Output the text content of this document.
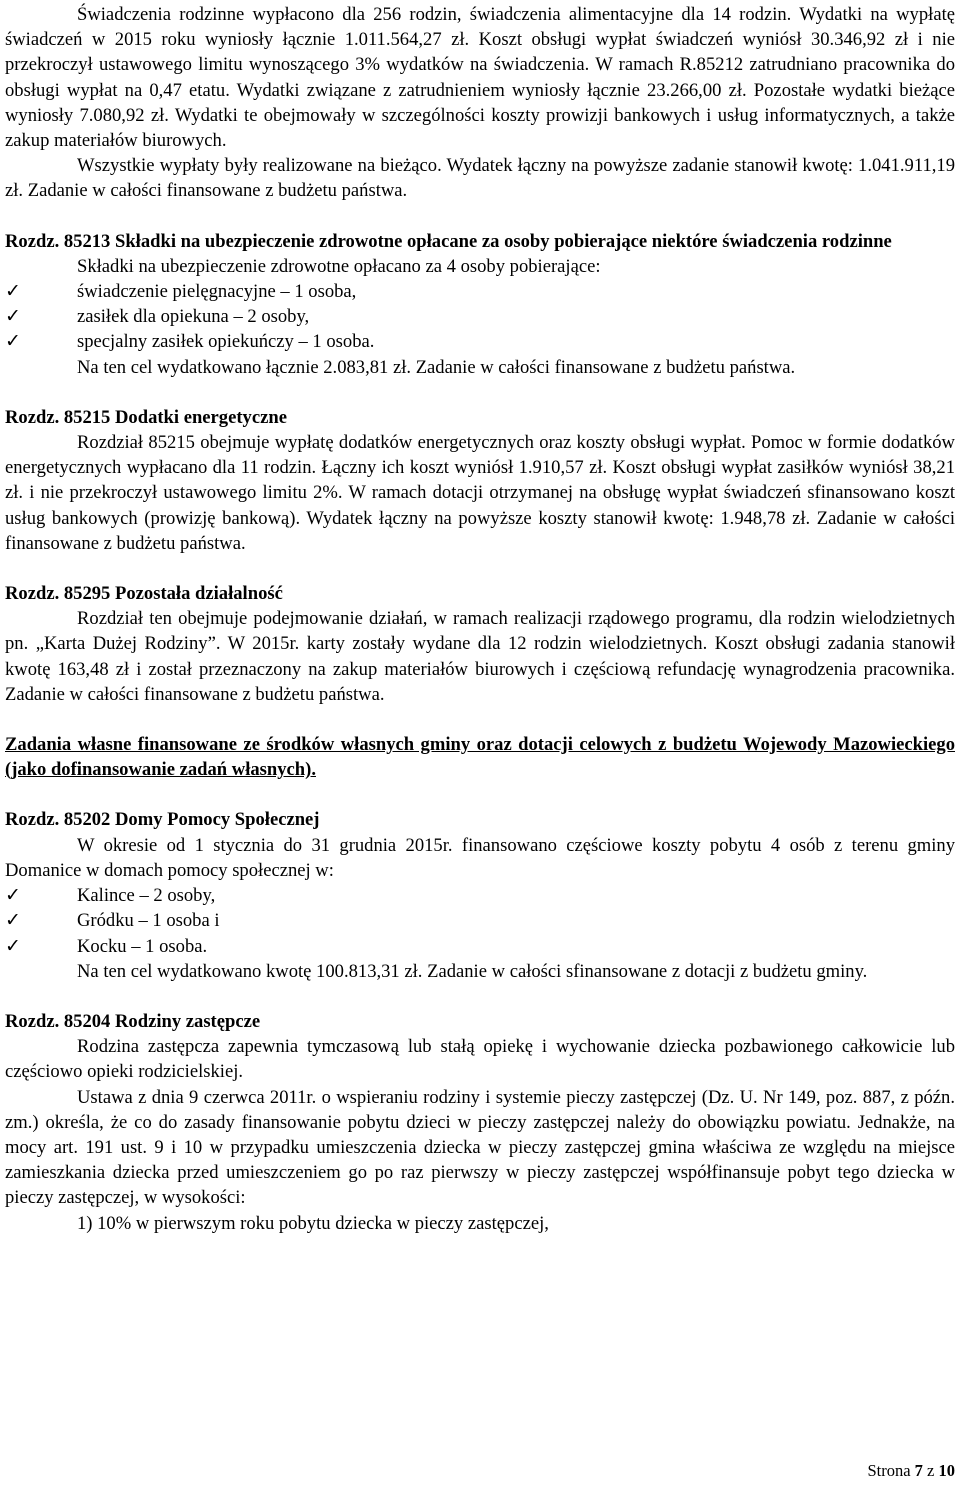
Świadczenia rodzinne wypłacono dla 256 rodzin, świadczenia alimentacyjne dla 14 rodzin. Wydatki na wypłatę świadczeń w 2015 roku wyniosły łącznie 1.011.564,27 zł. Koszt obsługi wypłat świadczeń wyniósł 30.346,92 zł i nie przekroczył ustawowego limitu wynoszącego 3% wydatków na świadczenia. W ramach R.85212 zatrudniano pracownika do obsługi wypłat na 0,47 etatu. Wydatki związane z zatrudnieniem wyniosły łącznie 23.266,00 zł. Pozostałe wydatki bieżące wyniosły 7.080,92 zł. Wydatki te obejmowały w szczególności koszty prowizji bankowych i usług informatycznych, a także zakup materiałów biurowych.

Wszystkie wypłaty były realizowane na bieżąco. Wydatek łączny na powyższe zadanie stanowił kwotę: 1.041.911,19 zł. Zadanie w całości finansowane z budżetu państwa.

Rozdz. 85213 Składki na ubezpieczenie zdrowotne opłacane za osoby pobierające niektóre świadczenia rodzinne

Składki na ubezpieczenie zdrowotne opłacano za 4 osoby pobierające:

✓	świadczenie pielęgnacyjne – 1 osoba,
✓	zasiłek dla opiekuna – 2 osoby,
✓	specjalny zasiłek opiekuńczy – 1 osoba.

Na ten cel wydatkowano łącznie 2.083,81 zł. Zadanie w całości finansowane z budżetu państwa.

Rozdz. 85215 Dodatki energetyczne

Rozdział 85215 obejmuje wypłatę dodatków energetycznych oraz koszty obsługi wypłat. Pomoc w formie dodatków energetycznych wypłacano dla 11 rodzin. Łączny ich koszt wyniósł 1.910,57 zł. Koszt obsługi wypłat zasiłków wyniósł 38,21 zł. i nie przekroczył ustawowego limitu 2%. W ramach dotacji otrzymanej na obsługę wypłat świadczeń sfinansowano koszt usług bankowych (prowizję bankową). Wydatek łączny na powyższe koszty stanowił kwotę: 1.948,78 zł. Zadanie w całości finansowane z budżetu państwa.

Rozdz. 85295 Pozostała działalność

Rozdział ten obejmuje podejmowanie działań, w ramach realizacji rządowego programu, dla rodzin wielodzietnych pn. „Karta Dużej Rodziny”. W 2015r. karty zostały wydane dla 12 rodzin wielodzietnych. Koszt obsługi zadania stanowił kwotę 163,48 zł i został przeznaczony na zakup materiałów biurowych i częściową refundację wynagrodzenia pracownika. Zadanie w całości finansowane z budżetu państwa.

Zadania własne finansowane ze środków własnych gminy oraz dotacji celowych z budżetu Wojewody Mazowieckiego (jako dofinansowanie zadań własnych).

Rozdz. 85202 Domy Pomocy Społecznej

W okresie od 1 stycznia do 31 grudnia 2015r. finansowano częściowe koszty pobytu 4 osób z terenu gminy Domanice w domach pomocy społecznej w:

✓	Kalince – 2 osoby,
✓	Gródku – 1 osoba i
✓	Kocku – 1 osoba.

Na ten cel wydatkowano kwotę 100.813,31 zł. Zadanie w całości sfinansowane z dotacji z budżetu gminy.

Rozdz. 85204 Rodziny zastępcze

Rodzina zastępcza zapewnia tymczasową lub stałą opiekę i wychowanie dziecka pozbawionego całkowicie lub częściowo opieki rodzicielskiej.

Ustawa z dnia 9 czerwca 2011r. o wspieraniu rodziny i systemie pieczy zastępczej (Dz. U. Nr 149, poz. 887, z późn. zm.) określa, że co do zasady finansowanie pobytu dzieci w pieczy zastępczej należy do obowiązku powiatu. Jednakże, na mocy art. 191 ust. 9 i 10 w przypadku umieszczenia dziecka w pieczy zastępczej gmina właściwa ze względu na miejsce zamieszkania dziecka przed umieszczeniem go po raz pierwszy w pieczy zastępczej współfinansuje pobyt tego dziecka w pieczy zastępczej, w wysokości:

1) 10% w pierwszym roku pobytu dziecka w pieczy zastępczej,
Strona 7 z 10
